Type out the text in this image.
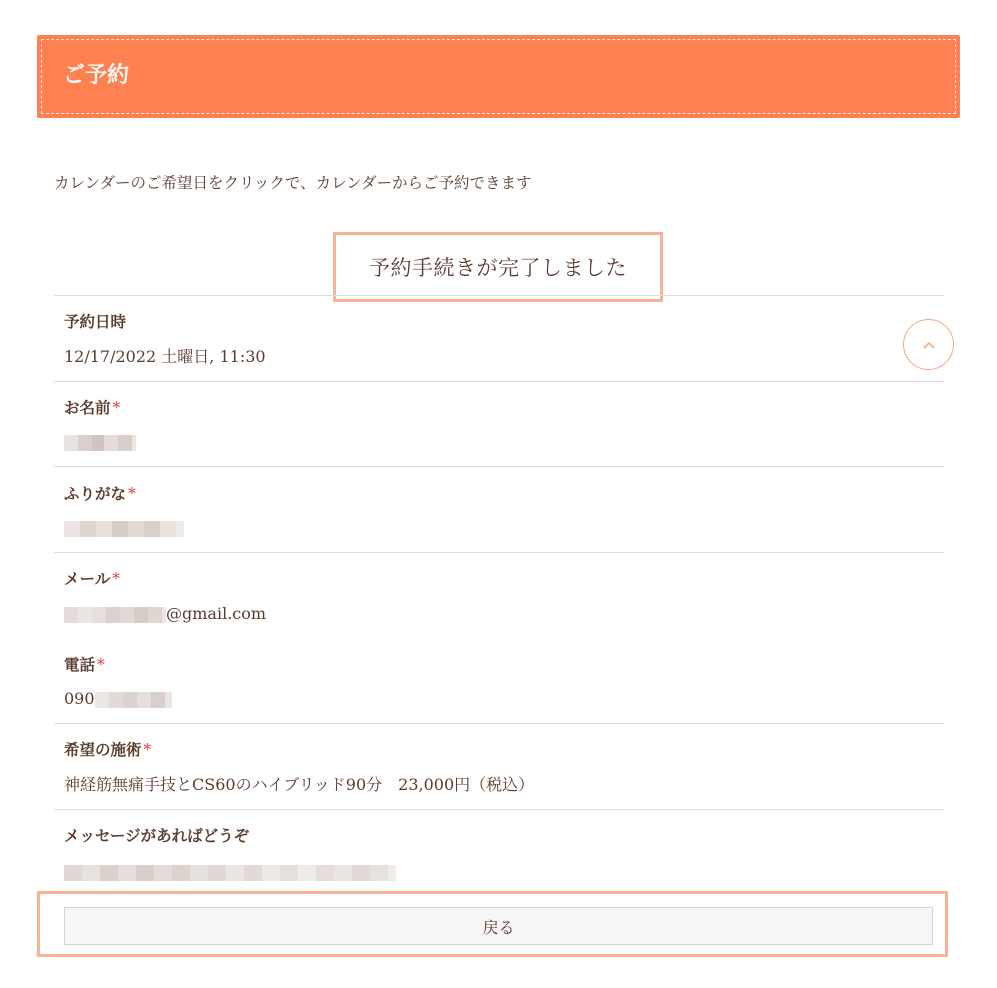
ご予約
カレンダーのご希望日をクリックで、カレンダーからご予約できます
予約手続きが完了しました
予約日時
12/17/2022 土曜日, 11:30
お名前 *
ふりがな *
メール *
@gmail.com
電話 *
090
希望の施術 *
神経筋無痛手技とCS60のハイブリッド90分　23,000円（税込）
メッセージがあればどうぞ
戻る
